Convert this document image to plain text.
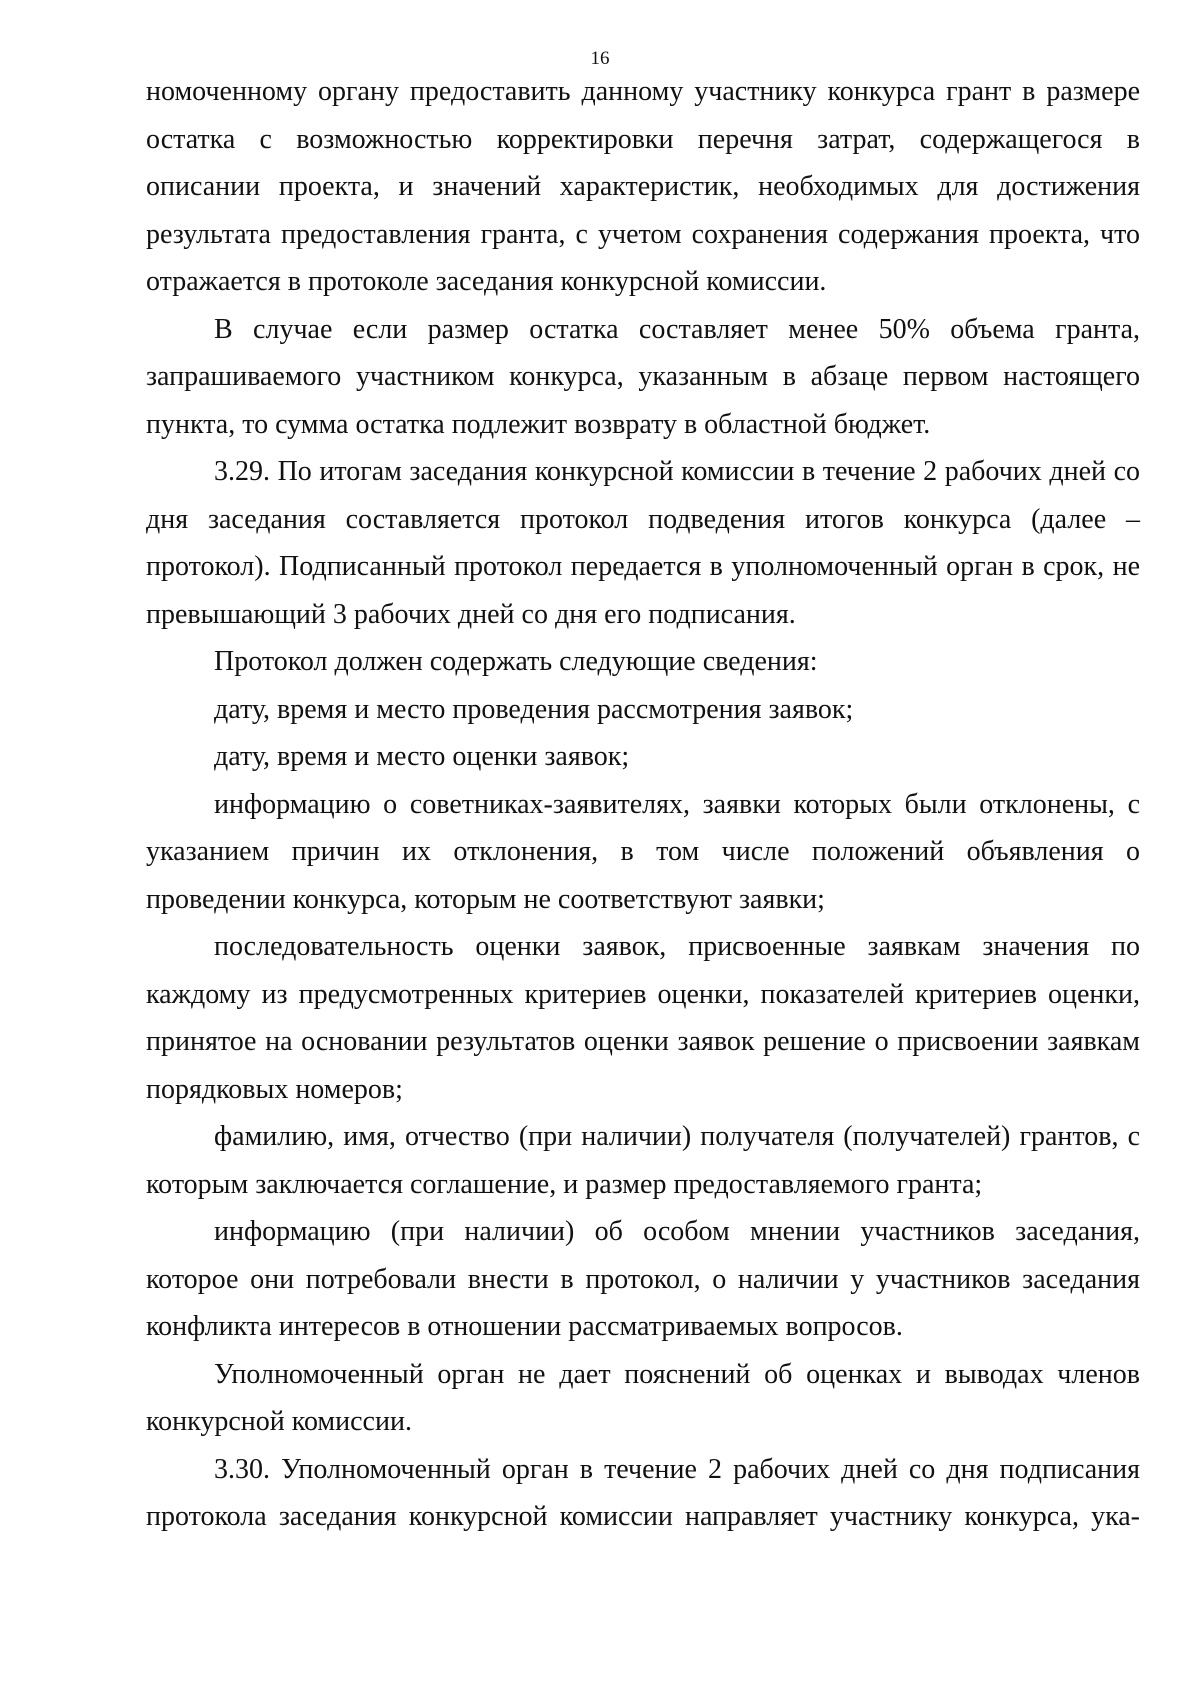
16

номоченному органу предоставить данному участнику конкурса грант в размере остатка с возможностью корректировки перечня затрат, содержащегося в описании проекта, и значений характеристик, необходимых для достижения результата предоставления гранта, с учетом сохранения содержания проекта, что отражается в протоколе заседания конкурсной комиссии.

В случае если размер остатка составляет менее 50% объема гранта, запрашиваемого участником конкурса, указанным в абзаце первом настоящего пункта, то сумма остатка подлежит возврату в областной бюджет.

3.29. По итогам заседания конкурсной комиссии в течение 2 рабочих дней со дня заседания составляется протокол подведения итогов конкурса (далее – протокол). Подписанный протокол передается в уполномоченный орган в срок, не превышающий 3 рабочих дней со дня его подписания.

Протокол должен содержать следующие сведения:

дату, время и место проведения рассмотрения заявок;

дату, время и место оценки заявок;

информацию о советниках-заявителях, заявки которых были отклонены, с указанием причин их отклонения, в том числе положений объявления о проведении конкурса, которым не соответствуют заявки;

последовательность оценки заявок, присвоенные заявкам значения по каждому из предусмотренных критериев оценки, показателей критериев оценки, принятое на основании результатов оценки заявок решение о присвоении заявкам порядковых номеров;

фамилию, имя, отчество (при наличии) получателя (получателей) грантов, с которым заключается соглашение, и размер предоставляемого гранта;

информацию (при наличии) об особом мнении участников заседания, которое они потребовали внести в протокол, о наличии у участников заседания конфликта интересов в отношении рассматриваемых вопросов.

Уполномоченный орган не дает пояснений об оценках и выводах членов конкурсной комиссии.

3.30. Уполномоченный орган в течение 2 рабочих дней со дня подписания протокола заседания конкурсной комиссии направляет участнику конкурса, ука-
